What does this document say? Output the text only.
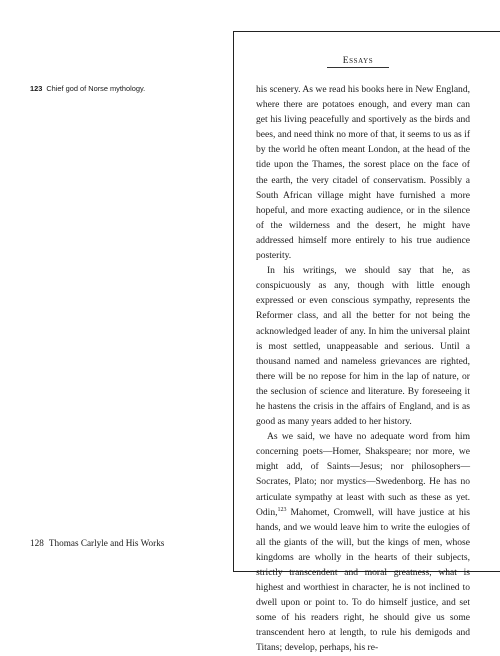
Essays
123 Chief god of Norse mythology.	his scenery. As we read his books here in New England, where there are potatoes enough, and every man can get his living peacefully and sportively as the birds and bees, and need think no more of that, it seems to us as if by the world he often meant London, at the head of the tide upon the Thames, the sorest place on the face of the earth, the very citadel of conservatism. Possibly a South African village might have furnished a more hopeful, and more exacting audience, or in the silence of the wilderness and the desert, he might have addressed himself more entirely to his true audience posterity.

In his writings, we should say that he, as conspicuously as any, though with little enough expressed or even conscious sympathy, represents the Reformer class, and all the better for not being the acknowledged leader of any. In him the universal plaint is most settled, unappeasable and serious. Until a thousand named and nameless grievances are righted, there will be no repose for him in the lap of nature, or the seclusion of science and literature. By foreseeing it he hastens the crisis in the affairs of England, and is as good as many years added to her history.

As we said, we have no adequate word from him concerning poets—Homer, Shakspeare; nor more, we might add, of Saints—Jesus; nor philosophers—Socrates, Plato; nor mystics—Swedenborg. He has no articulate sympathy at least with such as these as yet. Odin,$^{123}$ Mahomet, Cromwell, will have justice at his hands, and we would leave him to write the eulogies of all the giants of the will, but the kings of men, whose kingdoms are wholly in the hearts of their subjects, strictly transcendent and moral greatness, what is highest and worthiest in character, he is not inclined to dwell upon or point to. To do himself justice, and set some of his readers right, he should give us some transcendent hero at length, to rule his demigods and Titans; develop, perhaps, his re-

128 Thomas Carlyle and His Works
